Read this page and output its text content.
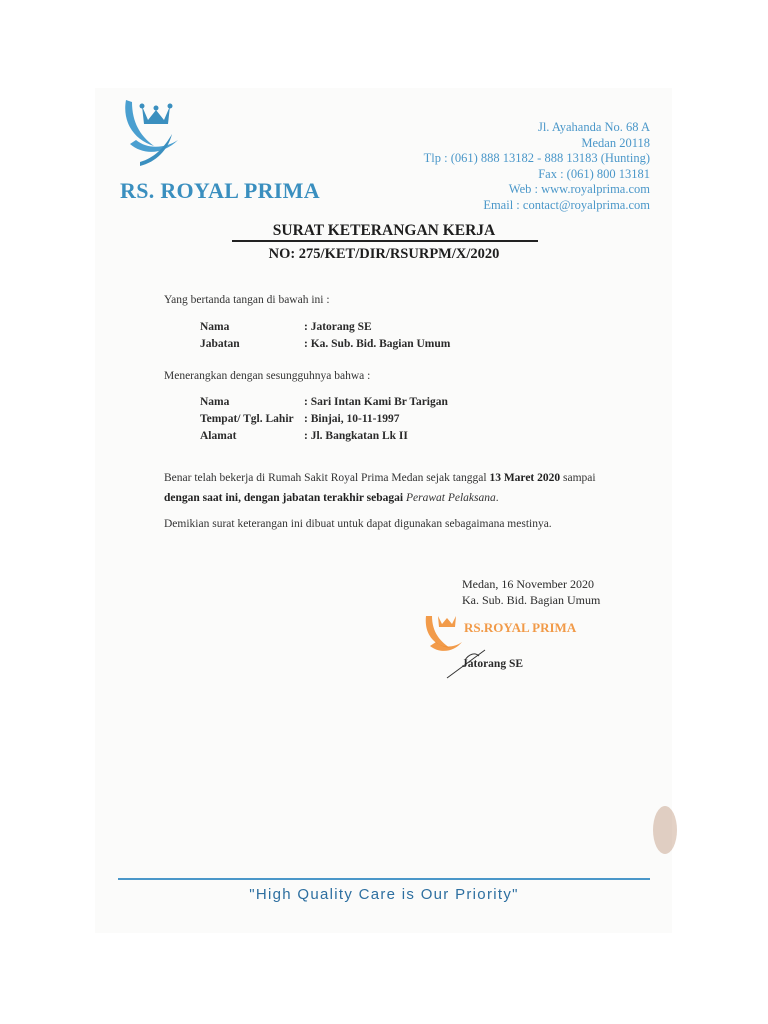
RS. ROYAL PRIMA
Jl. Ayahanda No. 68 A
Medan 20118
Tlp : (061) 888 13182 - 888 13183 (Hunting)
Fax : (061) 800 13181
Web : www.royalprima.com
Email : contact@royalprima.com
SURAT KETERANGAN KERJA
NO: 275/KET/DIR/RSURPM/X/2020
Yang bertanda tangan di bawah ini :
Nama	: Jatorang SE
Jabatan	: Ka. Sub. Bid. Bagian Umum
Menerangkan dengan sesungguhnya bahwa :
Nama	: Sari Intan Kami Br Tarigan
Tempat/ Tgl. Lahir : Binjai, 10-11-1997
Alamat	: Jl. Bangkatan Lk II
Benar telah bekerja di Rumah Sakit Royal Prima Medan sejak tanggal 13 Maret 2020 sampai
dengan saat ini, dengan jabatan terakhir sebagai Perawat Pelaksana.
Demikian surat keterangan ini dibuat untuk dapat digunakan sebagaimana mestinya.
Medan, 16 November 2020
Ka. Sub. Bid. Bagian Umum
RS.ROYAL PRIMA
Jatorang SE
"High Quality Care is Our Priority"
